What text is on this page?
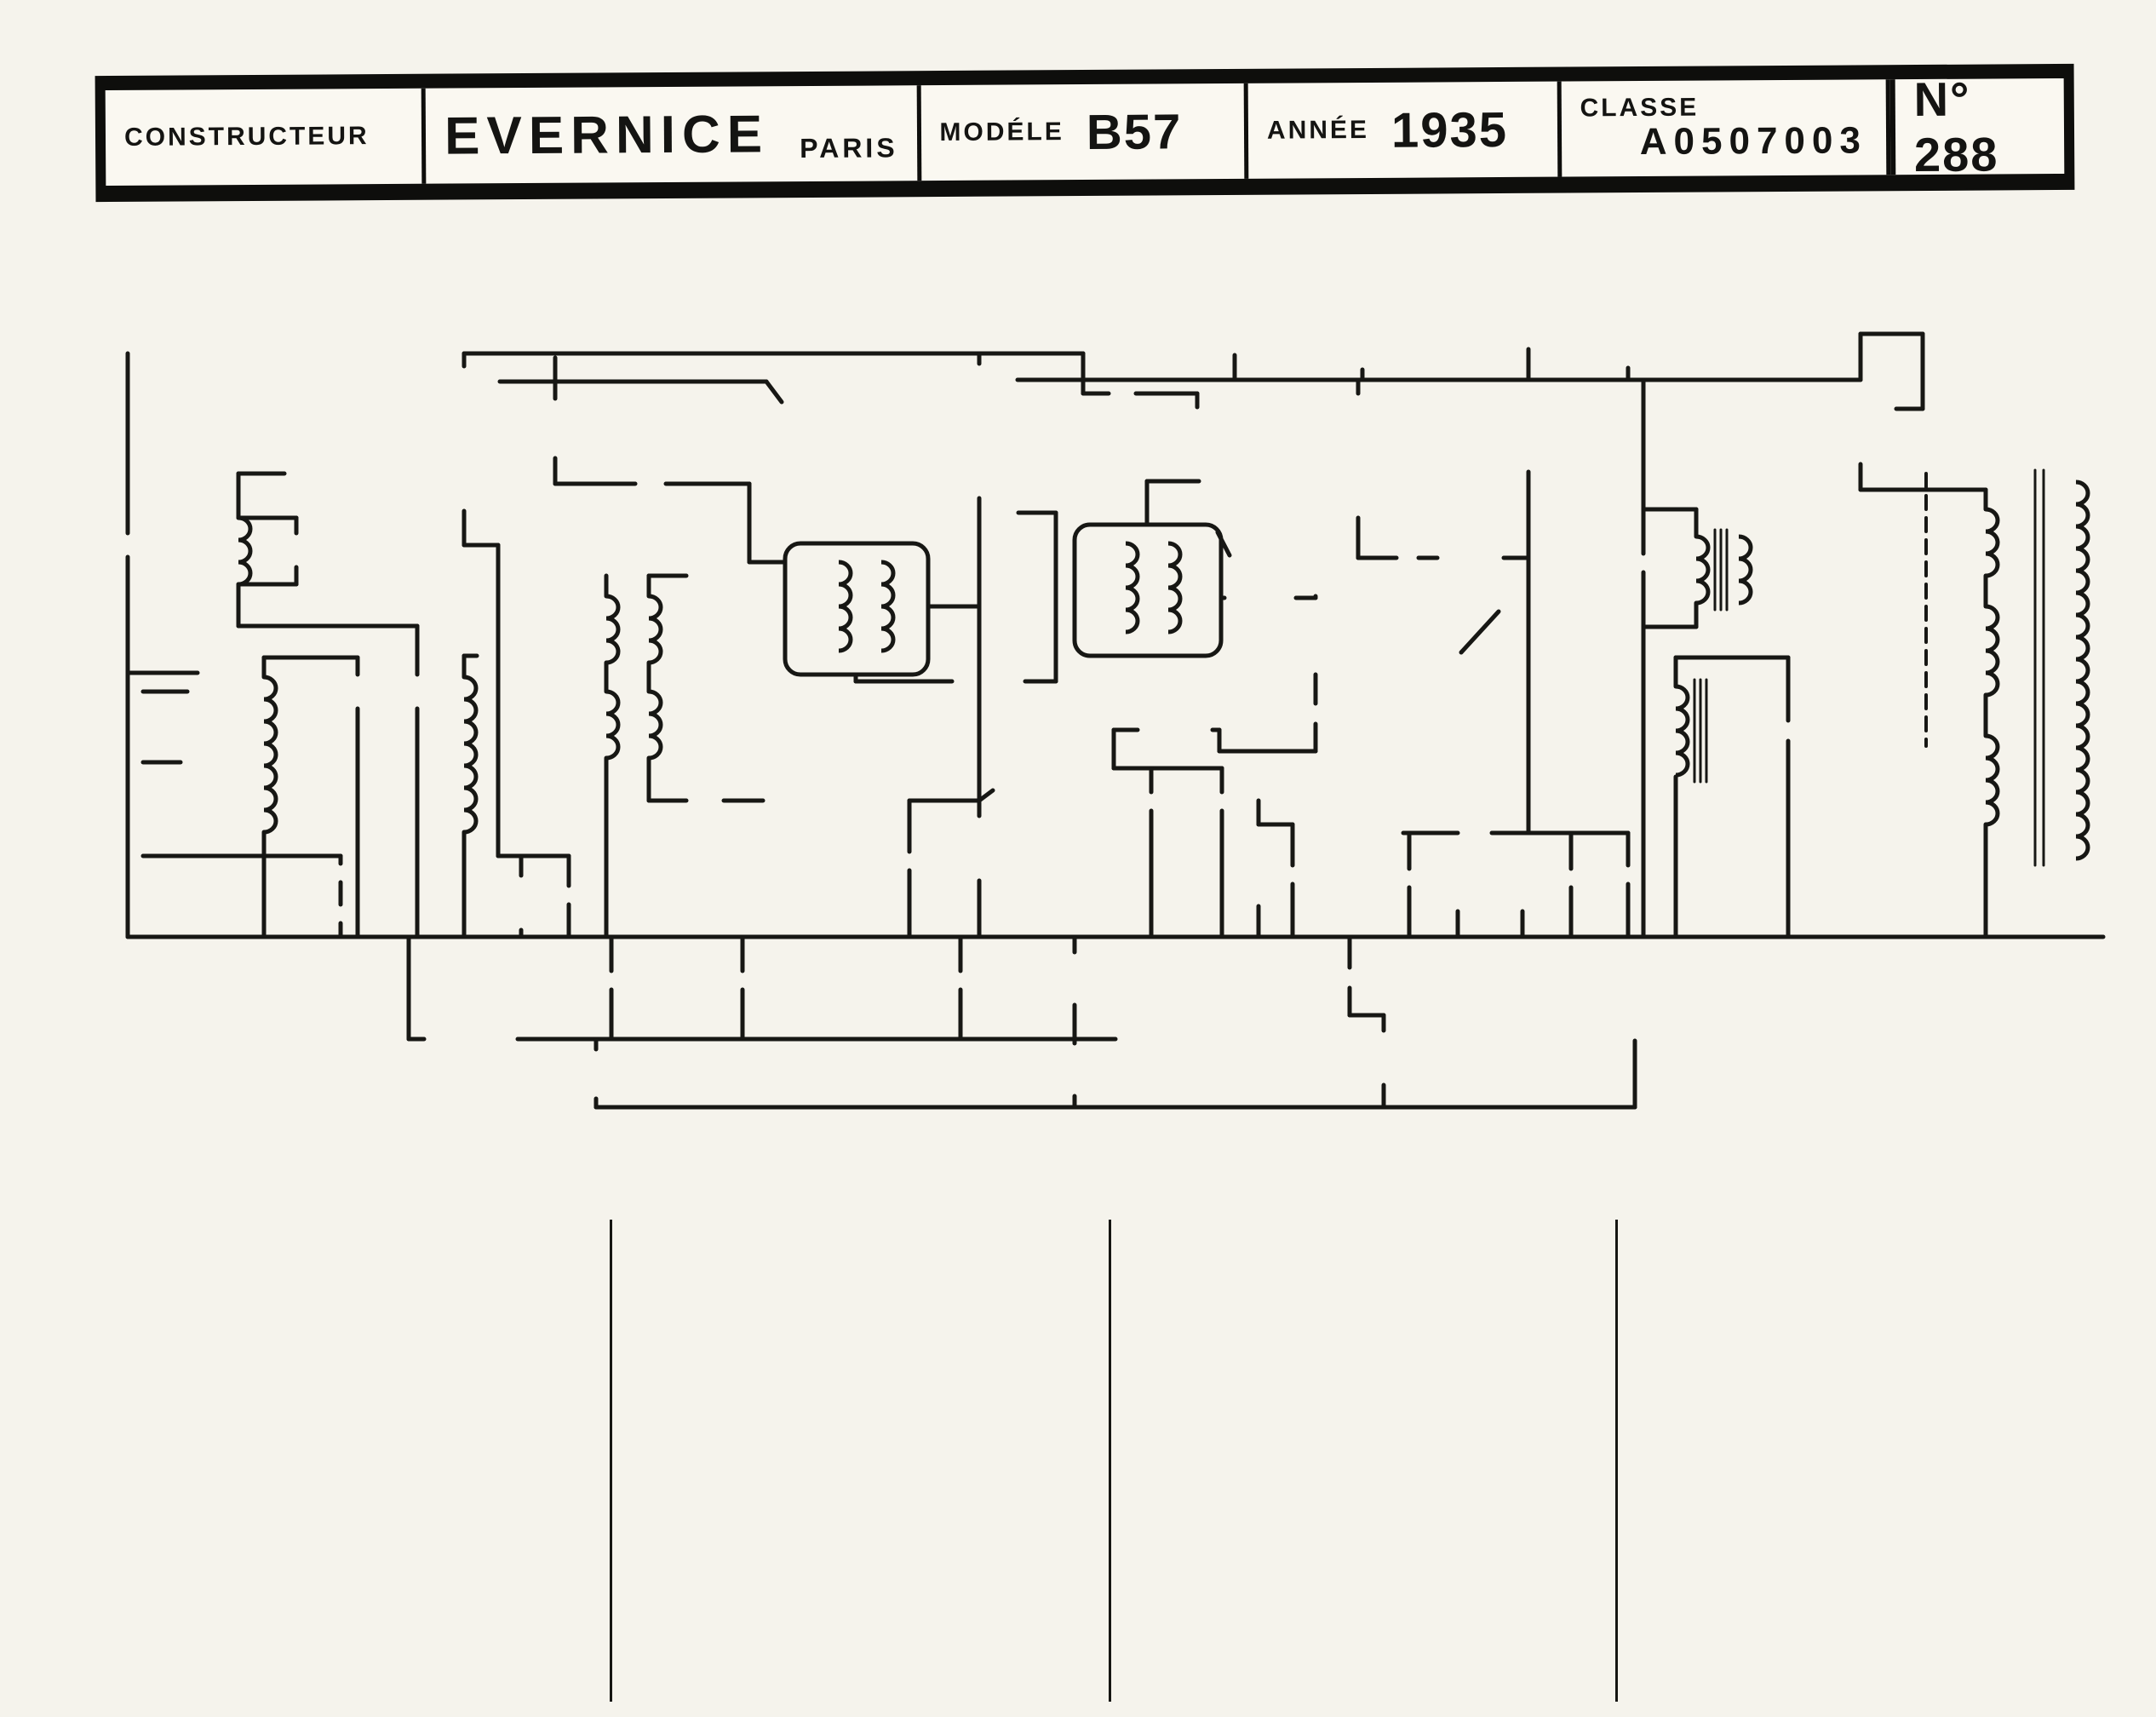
CONSTRUCTEUR EVERNICE PARIS MODÉLE B57	ANNÉE 1935	CLASSE
A0507003
N° 288
